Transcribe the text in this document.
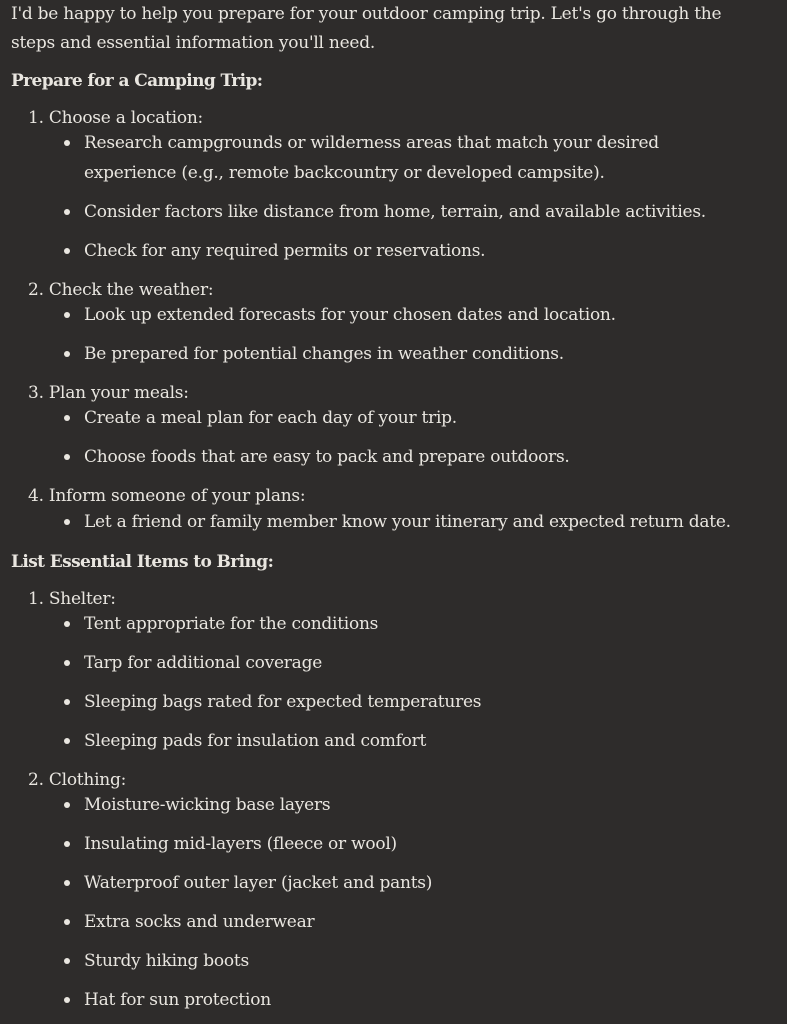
I'd be happy to help you prepare for your outdoor camping trip. Let's go through the steps and essential information you'll need.
Prepare for a Camping Trip:
1. Choose a location:
Research campgrounds or wilderness areas that match your desired experience (e.g., remote backcountry or developed campsite).
Consider factors like distance from home, terrain, and available activities.
Check for any required permits or reservations.
2. Check the weather:
Look up extended forecasts for your chosen dates and location.
Be prepared for potential changes in weather conditions.
3. Plan your meals:
Create a meal plan for each day of your trip.
Choose foods that are easy to pack and prepare outdoors.
4. Inform someone of your plans:
Let a friend or family member know your itinerary and expected return date.
List Essential Items to Bring:
1. Shelter:
Tent appropriate for the conditions
Tarp for additional coverage
Sleeping bags rated for expected temperatures
Sleeping pads for insulation and comfort
2. Clothing:
Moisture-wicking base layers
Insulating mid-layers (fleece or wool)
Waterproof outer layer (jacket and pants)
Extra socks and underwear
Sturdy hiking boots
Hat for sun protection
